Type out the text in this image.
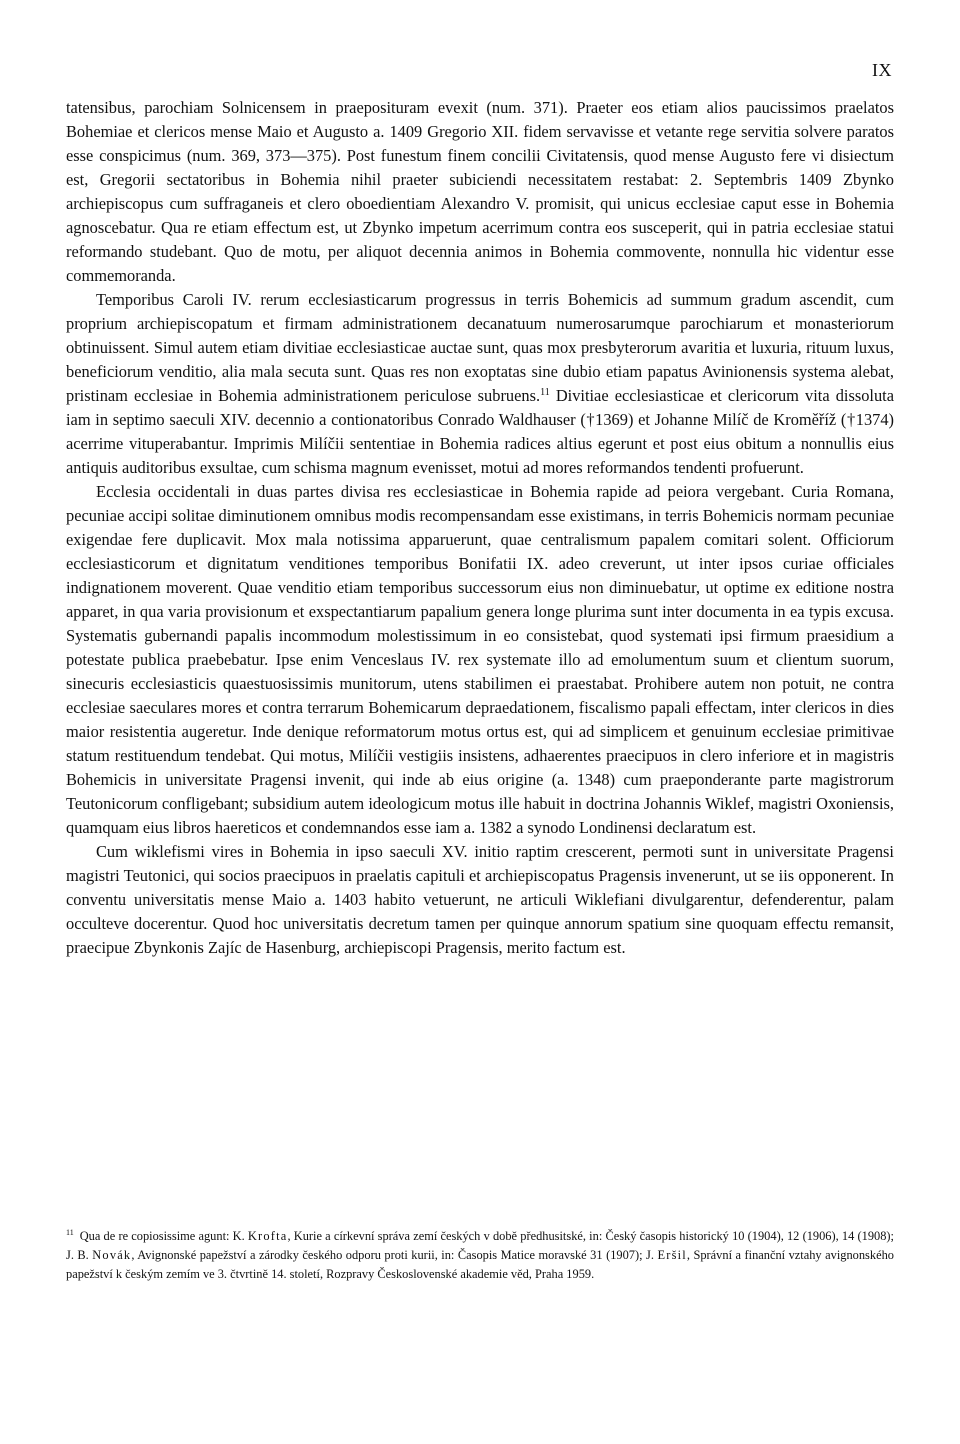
IX

tatensibus, parochiam Solnicensem in praeposituram evexit (num. 371). Praeter eos etiam alios paucissimos praelatos Bohemiae et clericos mense Maio et Augusto a. 1409 Gregorio XII. fidem servavisse et vetante rege servitia solvere paratos esse conspicimus (num. 369, 373—375). Post funestum finem concilii Civitatensis, quod mense Augusto fere vi disiectum est, Gregorii sectatoribus in Bohemia nihil praeter subiciendi necessitatem restabat: 2. Septembris 1409 Zbynko archiepiscopus cum suffraganeis et clero oboedientiam Alexandro V. promisit, qui unicus ecclesiae caput esse in Bohemia agnoscebatur. Qua re etiam effectum est, ut Zbynko impetum acerrimum contra eos susceperit, qui in patria ecclesiae statui reformando studebant. Quo de motu, per aliquot decennia animos in Bohemia commovente, nonnulla hic videntur esse commemoranda.

Temporibus Caroli IV. rerum ecclesiasticarum progressus in terris Bohemicis ad summum gradum ascendit, cum proprium archiepiscopatum et firmam administrationem decanatuum numerosarumque parochiarum et monasteriorum obtinuissent. Simul autem etiam divitiae ecclesiasticae auctae sunt, quas mox presbyterorum avaritia et luxuria, rituum luxus, beneficiorum venditio, alia mala secuta sunt. Quas res non exoptatas sine dubio etiam papatus Avinionensis systema alebat, pristinam ecclesiae in Bohemia administrationem periculose subruens.$^{11}$ Divitiae ecclesiasticae et clericorum vita dissoluta iam in septimo saeculi XIV. decennio a contionatoribus Conrado Waldhauser (†1369) et Johanne Milíč de Kroměříž (†1374) acerrime vituperabantur. Imprimis Milíčii sententiae in Bohemia radices altius egerunt et post eius obitum a nonnullis eius antiquis auditoribus exsultae, cum schisma magnum evenisset, motui ad mores reformandos tendenti profuerunt.

Ecclesia occidentali in duas partes divisa res ecclesiasticae in Bohemia rapide ad peiora vergebant. Curia Romana, pecuniae accipi solitae diminutionem omnibus modis recompensandam esse existimans, in terris Bohemicis normam pecuniae exigendae fere duplicavit. Mox mala notissima apparuerunt, quae centralismum papalem comitari solent. Officiorum ecclesiasticorum et dignitatum venditiones temporibus Bonifatii IX. adeo creverunt, ut inter ipsos curiae officiales indignationem moverent. Quae venditio etiam temporibus successorum eius non diminuebatur, ut optime ex editione nostra apparet, in qua varia provisionum et exspectantiarum papalium genera longe plurima sunt inter documenta in ea typis excusa. Systematis gubernandi papalis incommodum molestissimum in eo consistebat, quod systemati ipsi firmum praesidium a potestate publica praebebatur. Ipse enim Venceslaus IV. rex systemate illo ad emolumentum suum et clientum suorum, sinecuris ecclesiasticis quaestuosissimis munitorum, utens stabilimen ei praestabat. Prohibere autem non potuit, ne contra ecclesiae saeculares mores et contra terrarum Bohemicarum depraedationem, fiscalismo papali effectam, inter clericos in dies maior resistentia augeretur. Inde denique reformatorum motus ortus est, qui ad simplicem et genuinum ecclesiae primitivae statum restituendum tendebat. Qui motus, Milíčii vestigiis insistens, adhaerentes praecipuos in clero inferiore et in magistris Bohemicis in universitate Pragensi invenit, qui inde ab eius origine (a. 1348) cum praeponderante parte magistrorum Teutonicorum confligebant; subsidium autem ideologicum motus ille habuit in doctrina Johannis Wiklef, magistri Oxoniensis, quamquam eius libros haereticos et condemnandos esse iam a. 1382 a synodo Londinensi declaratum est.

Cum wiklefismi vires in Bohemia in ipso saeculi XV. initio raptim crescerent, permoti sunt in universitate Pragensi magistri Teutonici, qui socios praecipuos in praelatis capituli et archiepiscopatus Pragensis invenerunt, ut se iis opponerent. In conventu universitatis mense Maio a. 1403 habito vetuerunt, ne articuli Wiklefiani divulgarentur, defenderentur, palam occulteve docerentur. Quod hoc universitatis decretum tamen per quinque annorum spatium sine quoquam effectu remansit, praecipue Zbynkonis Zajíc de Hasenburg, archiepiscopi Pragensis, merito factum est.

$^{11}$ Qua de re copiosissime agunt: K. Krofta, Kurie a církevní správa zemí českých v době předhusitské, in: Český časopis historický 10 (1904), 12 (1906), 14 (1908); J. B. Novák, Avignonské papežství a zárodky českého odporu proti kurii, in: Časopis Matice moravské 31 (1907); J. Eršil, Správní a finanční vztahy avignonského papežství k českým zemím ve 3. čtvrtině 14. století, Rozpravy Československé akademie věd, Praha 1959.
